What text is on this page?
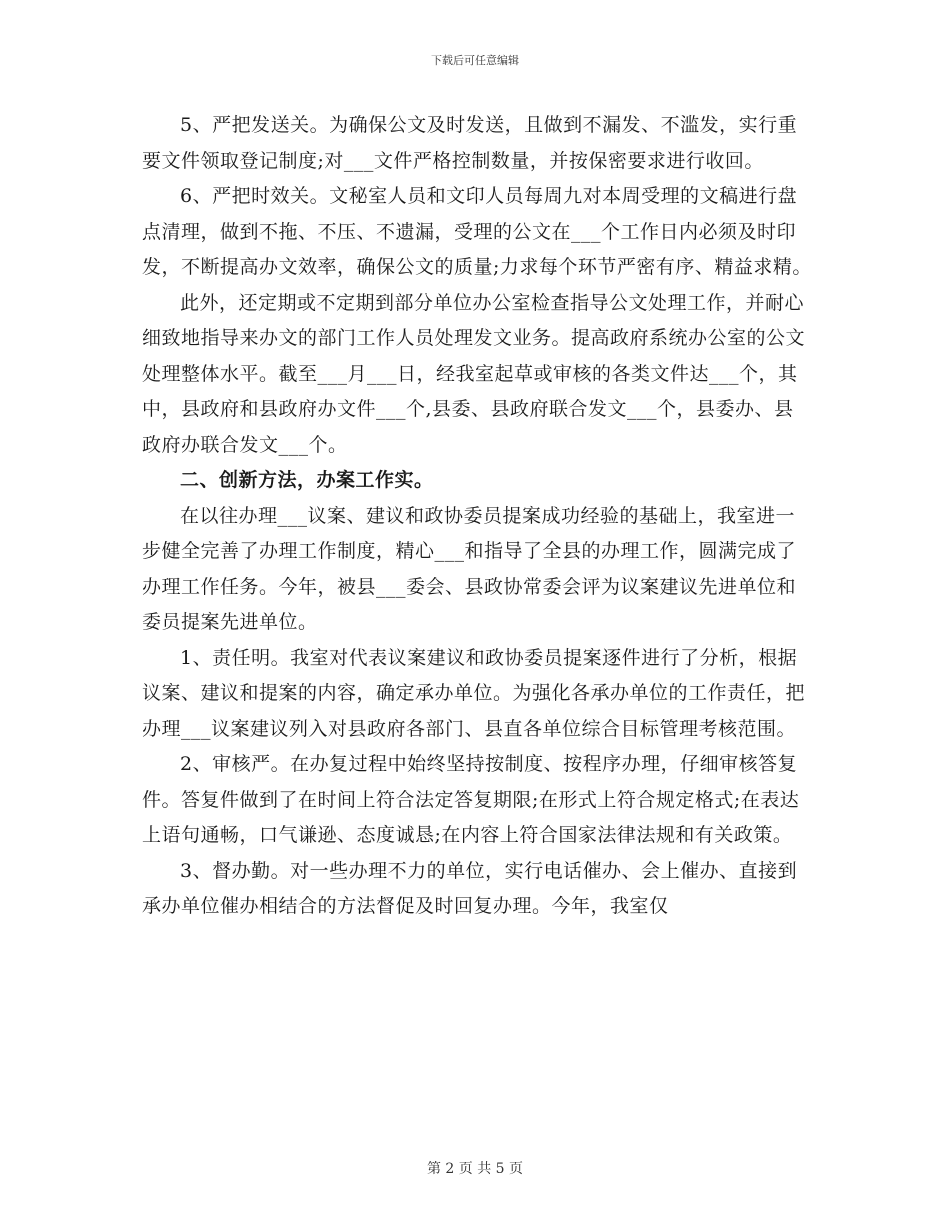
下载后可任意编辑

5、严把发送关。为确保公文及时发送，且做到不漏发、不滥发，实行重要文件领取登记制度;对___文件严格控制数量，并按保密要求进行收回。

6、严把时效关。文秘室人员和文印人员每周九对本周受理的文稿进行盘点清理，做到不拖、不压、不遗漏，受理的公文在___个工作日内必须及时印发，不断提高办文效率，确保公文的质量;力求每个环节严密有序、精益求精。

此外，还定期或不定期到部分单位办公室检查指导公文处理工作，并耐心细致地指导来办文的部门工作人员处理发文业务。提高政府系统办公室的公文处理整体水平。截至___月___日，经我室起草或审核的各类文件达___个，其中，县政府和县政府办文件___个,县委、县政府联合发文___个，县委办、县政府办联合发文___个。

二、创新方法，办案工作实。

在以往办理___议案、建议和政协委员提案成功经验的基础上，我室进一步健全完善了办理工作制度，精心___和指导了全县的办理工作，圆满完成了办理工作任务。今年，被县___委会、县政协常委会评为议案建议先进单位和委员提案先进单位。

1、责任明。我室对代表议案建议和政协委员提案逐件进行了分析，根据议案、建议和提案的内容，确定承办单位。为强化各承办单位的工作责任，把办理___议案建议列入对县政府各部门、县直各单位综合目标管理考核范围。

2、审核严。在办复过程中始终坚持按制度、按程序办理，仔细审核答复件。答复件做到了在时间上符合法定答复期限;在形式上符合规定格式;在表达上语句通畅，口气谦逊、态度诚恳;在内容上符合国家法律法规和有关政策。

3、督办勤。对一些办理不力的单位，实行电话催办、会上催办、直接到承办单位催办相结合的方法督促及时回复办理。今年，我室仅

第 2 页 共 5 页
